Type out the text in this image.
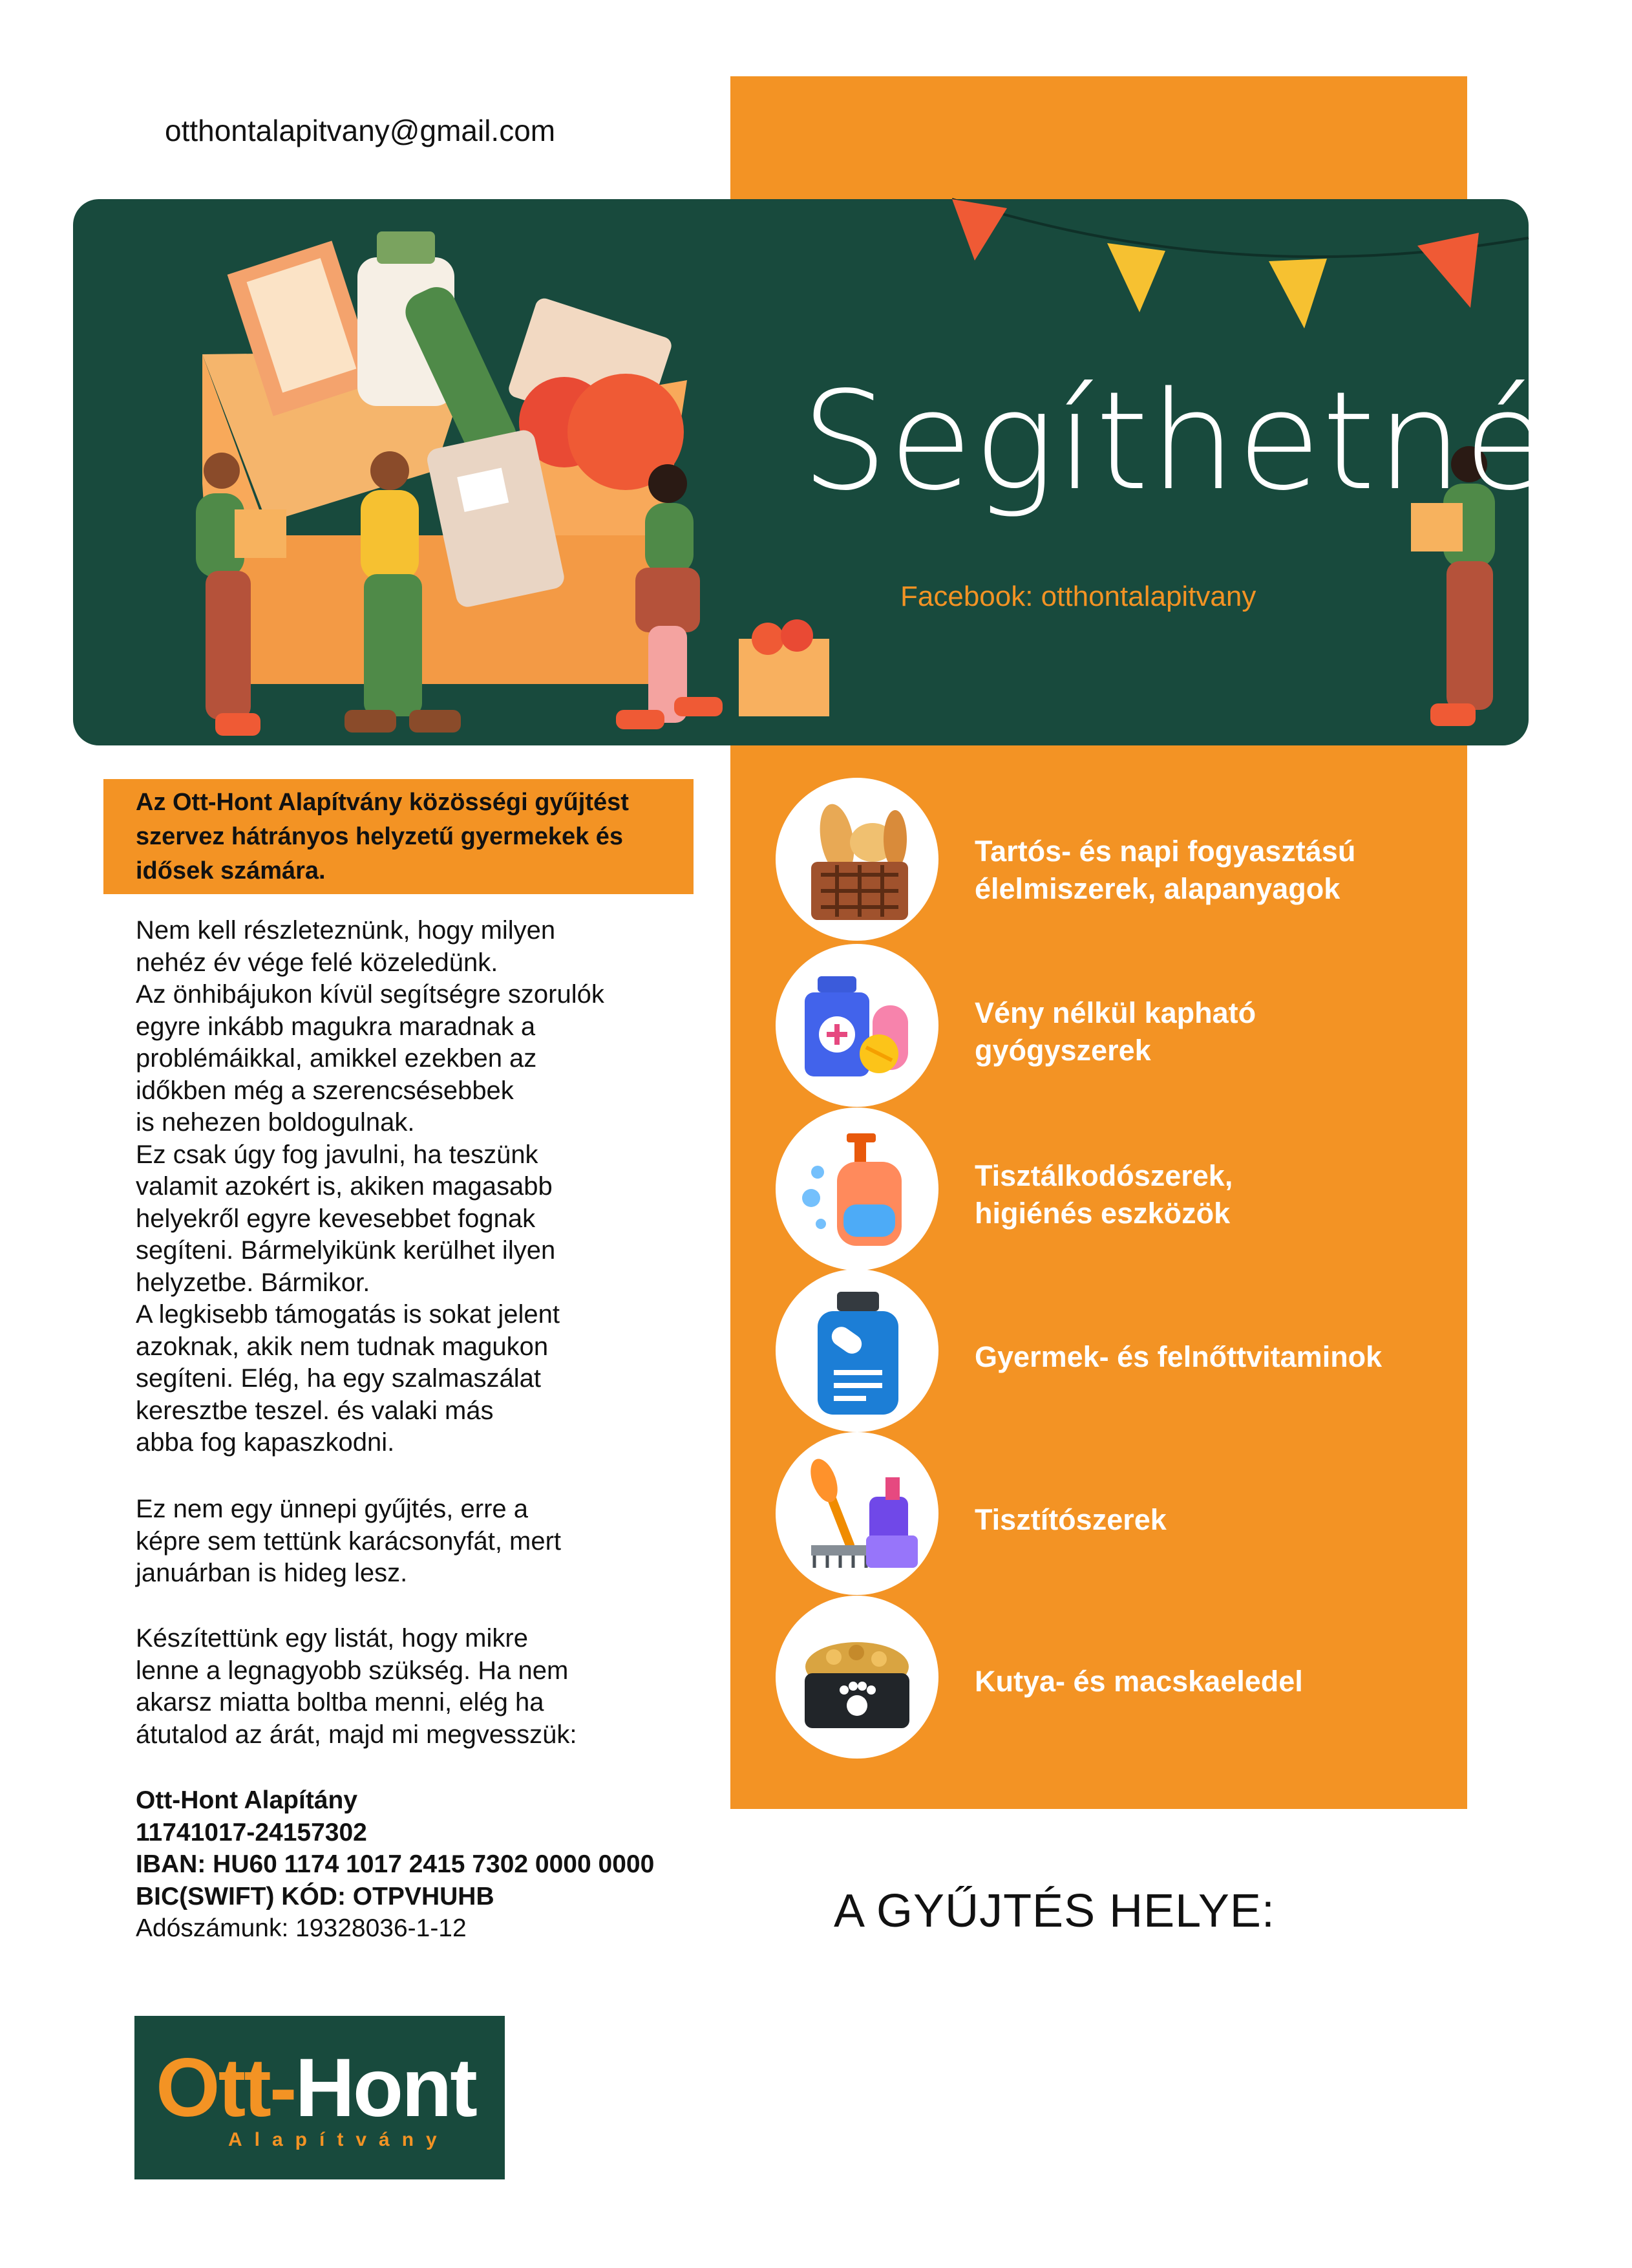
otthontalapitvany@gmail.com
Segíthetnél.
Facebook: otthontalapitvany
Az Ott-Hont Alapítvány közösségi gyűjtést szervez hátrányos helyzetű gyermekek és idősek számára.
Nem kell részleteznünk, hogy milyen
nehéz év vége felé közeledünk.
Az önhibájukon kívül segítségre szorulók
egyre inkább magukra maradnak a
problémáikkal, amikkel ezekben az
időkben még a szerencsésebbek
is nehezen boldogulnak.
Ez csak úgy fog javulni, ha teszünk
valamit azokért is, akiken magasabb
helyekről egyre kevesebbet fognak
segíteni. Bármelyikünk kerülhet ilyen
helyzetbe. Bármikor.
A legkisebb támogatás is sokat jelent
azoknak, akik nem tudnak magukon
segíteni. Elég, ha egy szalmaszálat
keresztbe teszel. és valaki más
abba fog kapaszkodni.
Ez nem egy ünnepi gyűjtés, erre a
képre sem tettünk karácsonyfát, mert
januárban is hideg lesz.
Készítettünk egy listát, hogy mikre
lenne a legnagyobb szükség. Ha nem
akarsz miatta boltba menni, elég ha
átutalod az árát, majd mi megvesszük:
Ott-Hont Alapítány
11741017-24157302
IBAN: HU60 1174 1017 2415 7302 0000 0000
BIC(SWIFT) KÓD: OTPVHUHB
Adószámunk: 19328036-1-12
Tartós- és napi fogyasztású
élelmiszerek, alapanyagok
Vény nélkül kapható
gyógyszerek
Tisztálkodószerek,
higiénés eszközök
Gyermek- és felnőttvitaminok
Tisztítószerek
Kutya- és macskaeledel
A GYŰJTÉS HELYE:
Ott-Hont
Alapítvány
